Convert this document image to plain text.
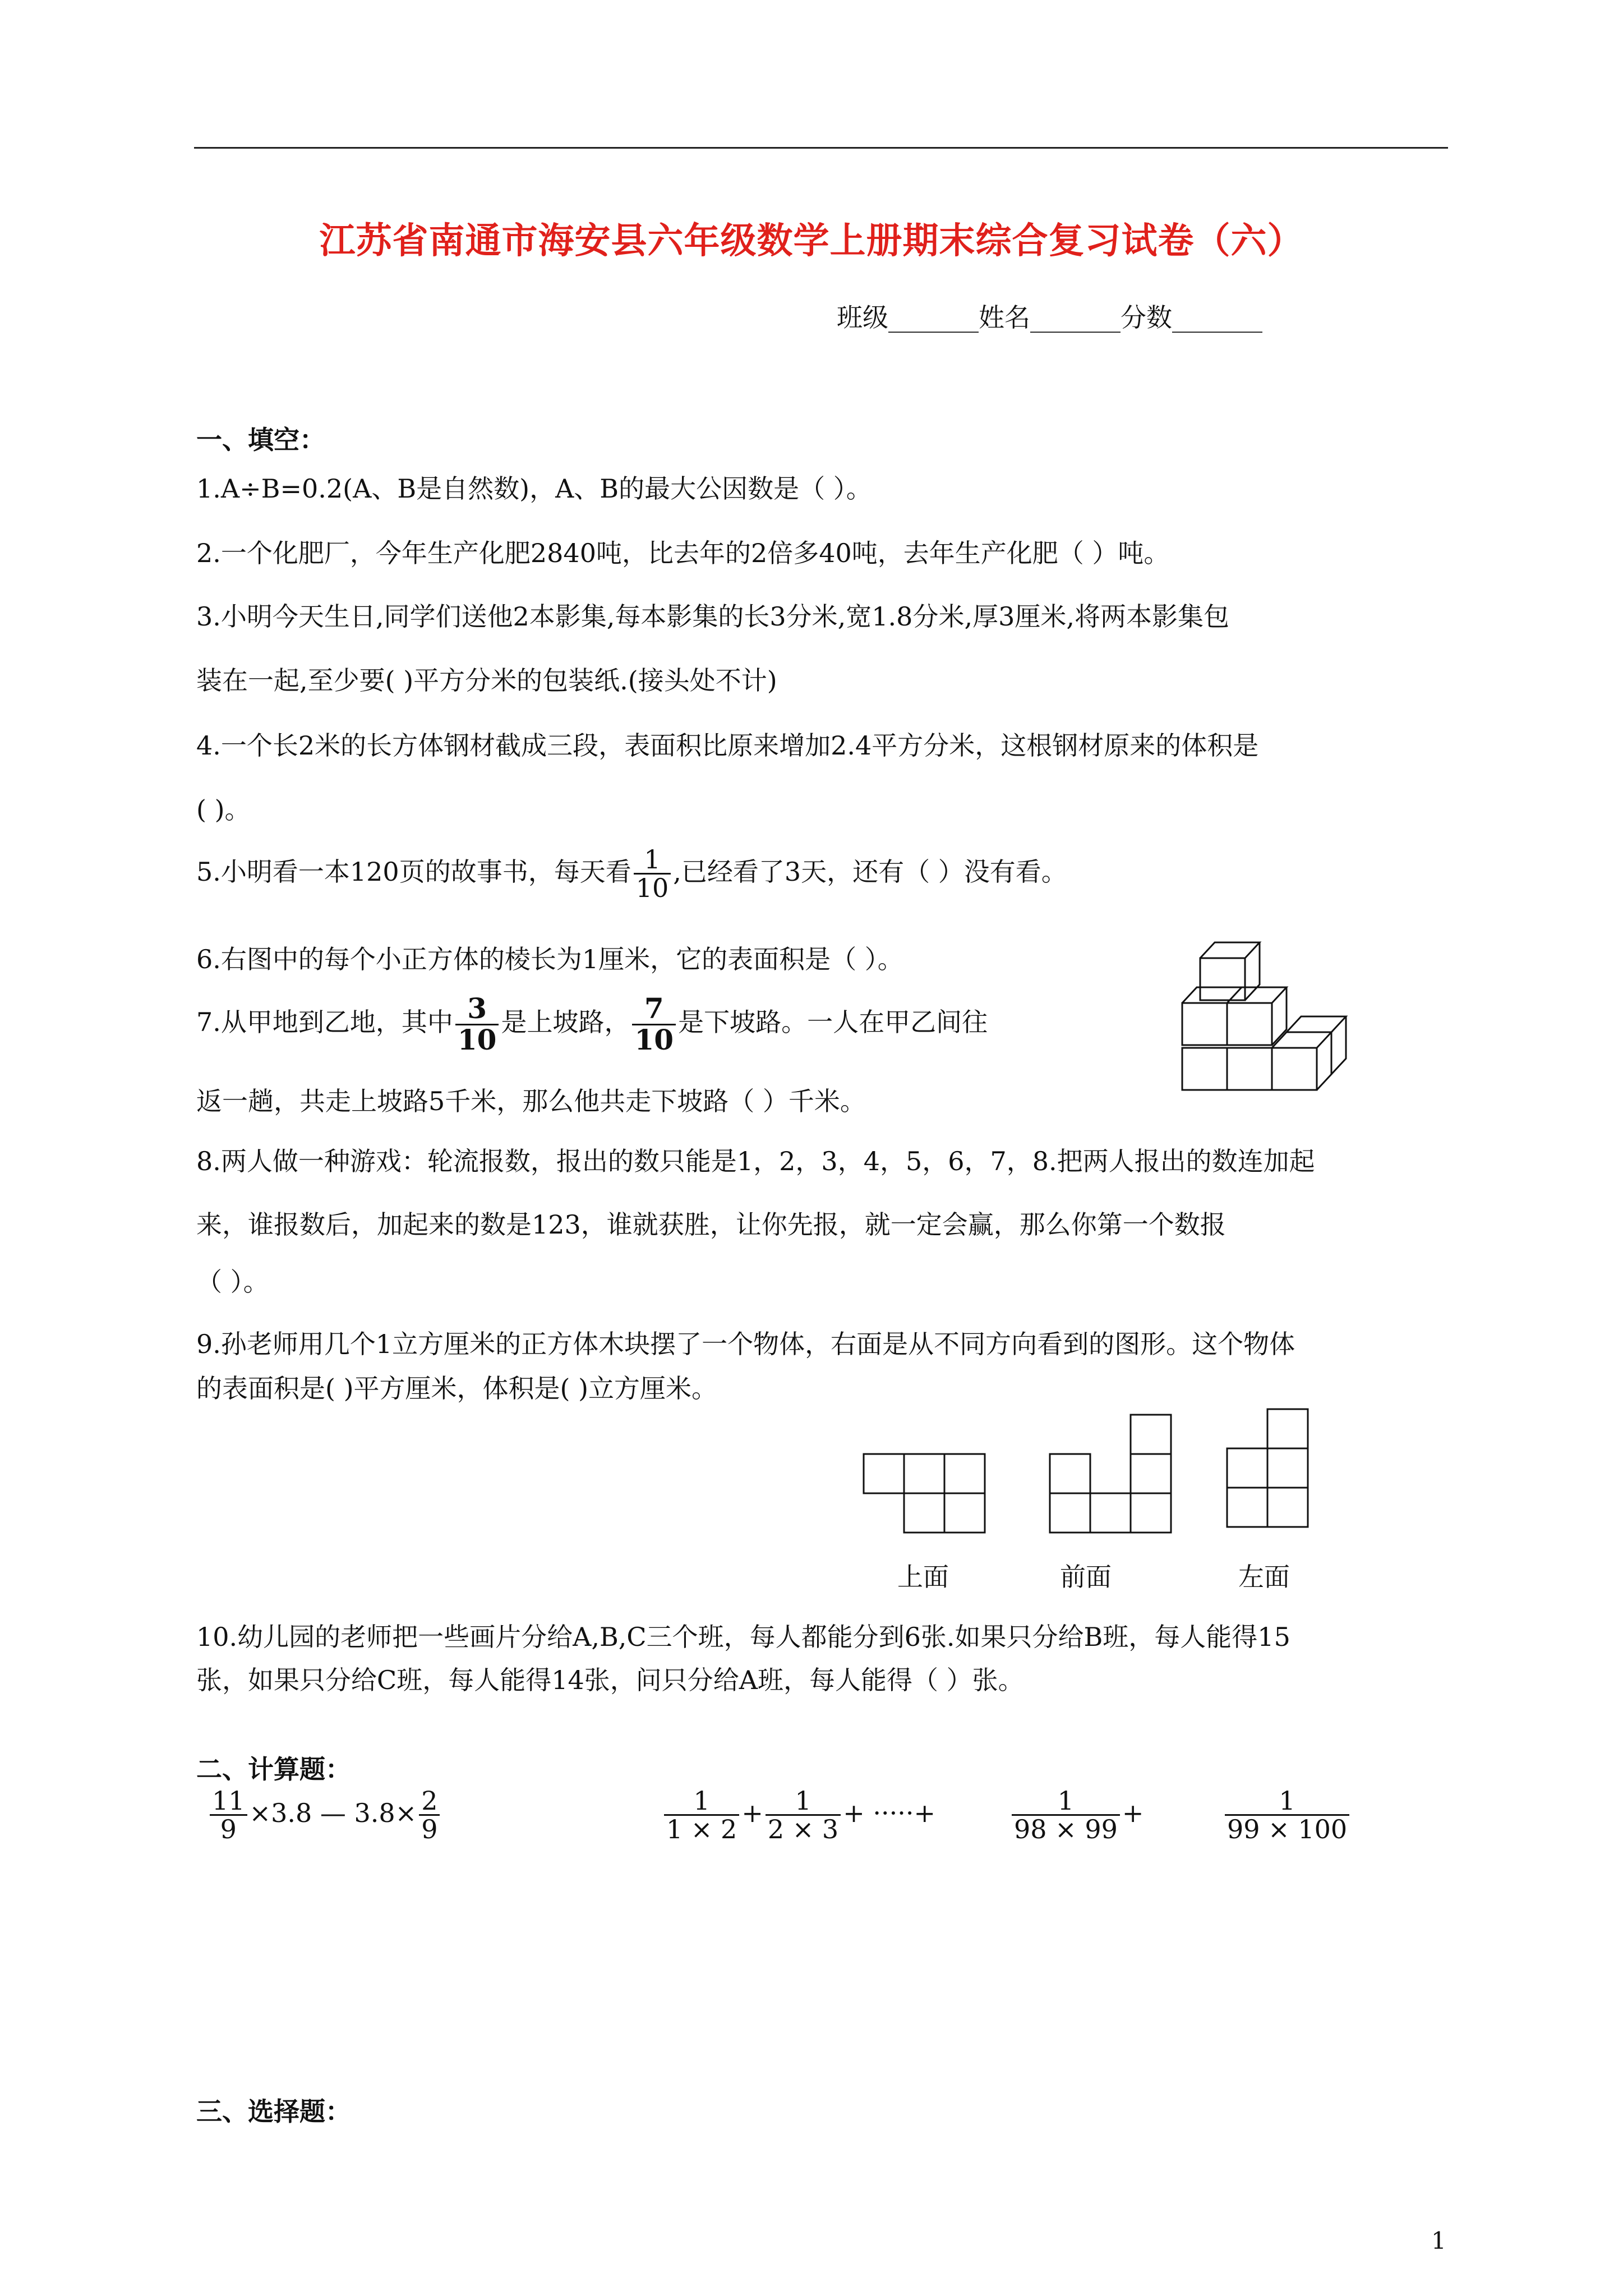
江苏省南通市海安县六年级数学上册期末综合复习试卷（六）
班级_______姓名_______分数_______
一、填空：
1.A÷B=0.2(A、B是自然数)，A、B的最大公因数是（ ）。
2.一个化肥厂，今年生产化肥2840吨，比去年的2倍多40吨，去年生产化肥（ ）吨。
3.小明今天生日,同学们送他2本影集,每本影集的长3分米,宽1.8分米,厚3厘米,将两本影集包
装在一起,至少要( )平方分米的包装纸.(接头处不计)
4.一个长2米的长方体钢材截成三段，表面积比原来增加2.4平方分米，这根钢材原来的体积是
( )。
5.小明看一本120页的故事书，每天看 $\frac{1}{10}$ ,已经看了3天，还有（ ）没有看。
6.右图中的每个小正方体的棱长为1厘米，它的表面积是（ ）。
7.从甲地到乙地，其中 $\frac{3}{10}$ 是上坡路， $\frac{7}{10}$ 是下坡路。一人在甲乙间往
返一趟，共走上坡路5千米，那么他共走下坡路（ ）千米。
8.两人做一种游戏：轮流报数，报出的数只能是1，2，3，4，5，6，7，8.把两人报出的数连加起
来，谁报数后，加起来的数是123，谁就获胜，让你先报，就一定会赢，那么你第一个数报
（ ）。
9.孙老师用几个1立方厘米的正方体木块摆了一个物体，右面是从不同方向看到的图形。这个物体
的表面积是( )平方厘米，体积是( )立方厘米。
上面	前面	左面
10.幼儿园的老师把一些画片分给A,B,C三个班，每人都能分到6张.如果只分给B班，每人能得15
张，如果只分给C班，每人能得14张，问只分给A班，每人能得（ ）张。
二、计算题：
$\frac{11}{9} \times 3.8$ — $3.8\times \frac{2}{9}$	$\frac{1}{1 \times 2} + \frac{1}{2 \times 3}$ + ·····+	$\frac{1}{98 \times 99}$ +	$\frac{1}{99 \times 100}$
三、选择题：
1
